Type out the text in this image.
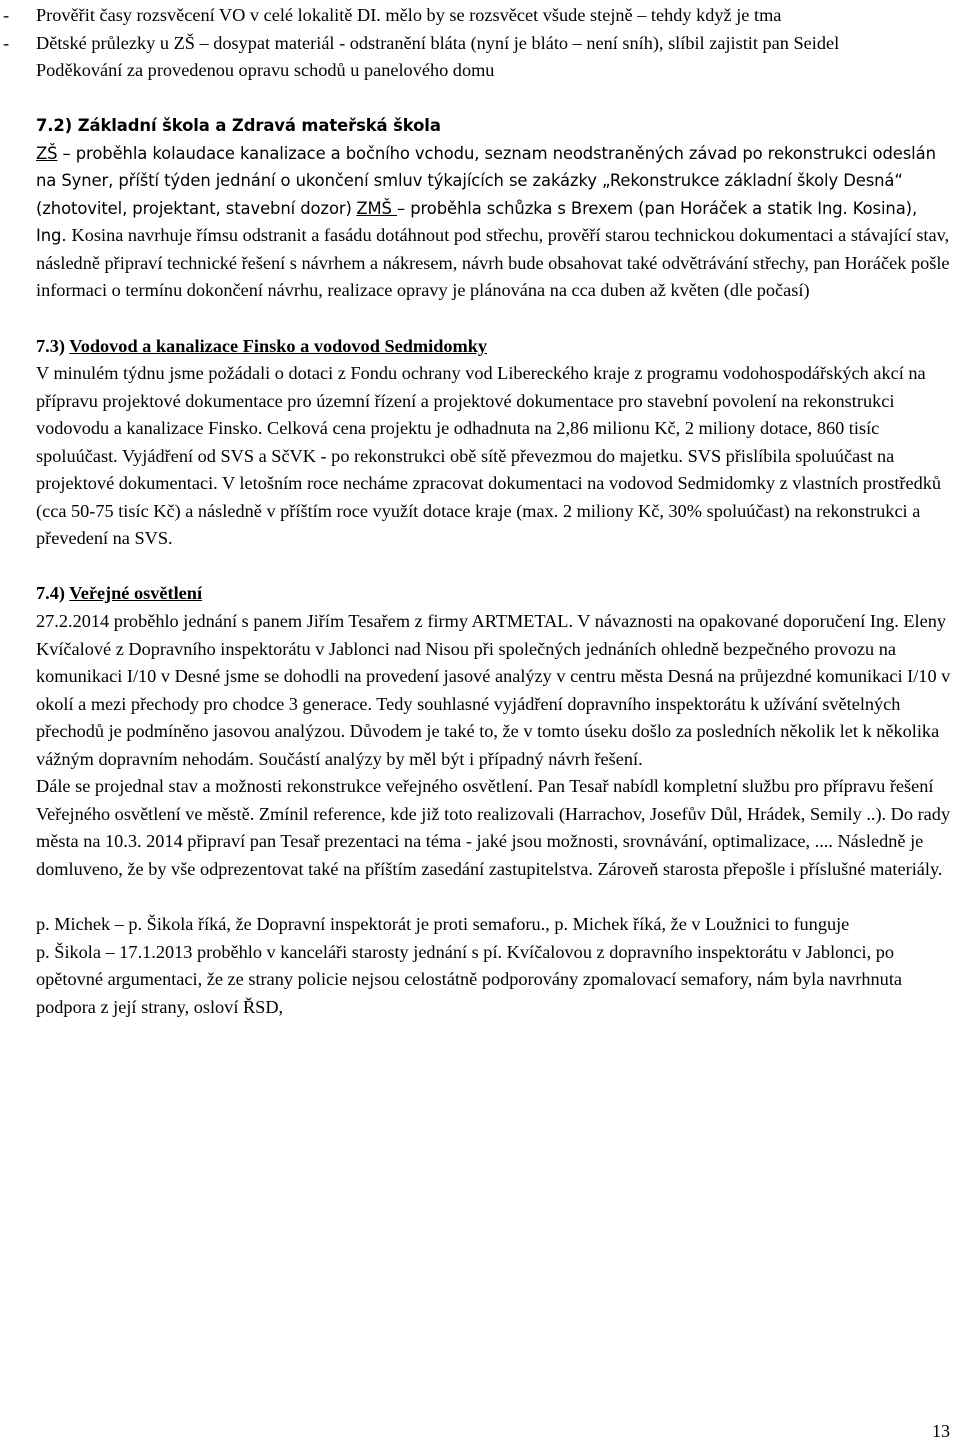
- Prověřit časy rozsvěcení VO v celé lokalitě DI. mělo by se rozsvěcet všude stejně – tehdy když je tma

- Dětské průlezky u ZŠ – dosypat materiál - odstranění bláta (nyní je bláto – není sníh), slíbil zajistit pan Seidel

Poděkování za provedenou opravu schodů u panelového domu

7.2) Základní škola a Zdravá mateřská škola

ZŠ – proběhla kolaudace kanalizace a bočního vchodu, seznam neodstraněných závad po rekonstrukci odeslán na Syner, příští týden jednání o ukončení smluv týkajících se zakázky „Rekonstrukce základní školy Desná“ (zhotovitel, projektant, stavební dozor) ZMŠ – proběhla schůzka s Brexem (pan Horáček a statik Ing. Kosina), Ing. Kosina navrhuje římsu odstranit a fasádu dotáhnout pod střechu, prověří starou technickou dokumentaci a stávající stav, následně připraví technické řešení s návrhem a nákresem, návrh bude obsahovat také odvětrávání střechy, pan Horáček pošle informaci o termínu dokončení návrhu, realizace opravy je plánována na cca duben až květen (dle počasí)

7.3) Vodovod a kanalizace Finsko a vodovod Sedmidomky

V minulém týdnu jsme požádali o dotaci z Fondu ochrany vod Libereckého kraje z programu vodohospodářských akcí na přípravu projektové dokumentace pro územní řízení a projektové dokumentace pro stavební povolení na rekonstrukci vodovodu a kanalizace Finsko. Celková cena projektu je odhadnuta na 2,86 milionu Kč, 2 miliony dotace, 860 tisíc spoluúčast. Vyjádření od SVS a SčVK - po rekonstrukci obě sítě převezmou do majetku. SVS přislíbila spoluúčast na projektové dokumentaci. V letošním roce necháme zpracovat dokumentaci na vodovod Sedmidomky z vlastních prostředků (cca 50-75 tisíc Kč) a následně v příštím roce využít dotace kraje (max. 2 miliony Kč, 30% spoluúčast) na rekonstrukci a převedení na SVS.

7.4) Veřejné osvětlení

27.2.2014 proběhlo jednání s panem Jiřím Tesařem z firmy ARTMETAL. V návaznosti na opakované doporučení Ing. Eleny Kvíčalové z Dopravního inspektorátu v Jablonci nad Nisou při společných jednáních ohledně bezpečného provozu na komunikaci I/10 v Desné jsme se dohodli na provedení jasové analýzy v centru města Desná na průjezdné komunikaci I/10 v okolí a mezi přechody pro chodce 3 generace. Tedy souhlasné vyjádření dopravního inspektorátu k užívání světelných přechodů je podmíněno jasovou analýzou. Důvodem je také to, že v tomto úseku došlo za posledních několik let k několika vážným dopravním nehodám. Součástí analýzy by měl být i případný návrh řešení.

Dále se projednal stav a možnosti rekonstrukce veřejného osvětlení. Pan Tesař nabídl kompletní službu pro přípravu řešení Veřejného osvětlení ve městě. Zmínil reference, kde již toto realizovali (Harrachov, Josefův Důl, Hrádek, Semily ..). Do rady města na 10.3. 2014 připraví pan Tesař prezentaci na téma - jaké jsou možnosti, srovnávání, optimalizace, .... Následně je domluveno, že by vše odprezentovat také na příštím zasedání zastupitelstva. Zároveň starosta přepošle i příslušné materiály.

p. Michek – p. Šikola říká, že Dopravní inspektorát je proti semaforu., p. Michek říká, že v Loužnici to funguje

p. Šikola – 17.1.2013 proběhlo v kanceláři starosty jednání s pí. Kvíčalovou z dopravního inspektorátu v Jablonci, po opětovné argumentaci, že ze strany policie nejsou celostátně podporovány zpomalovací semafory, nám byla navrhnuta podpora z její strany, osloví ŘSD,

13
